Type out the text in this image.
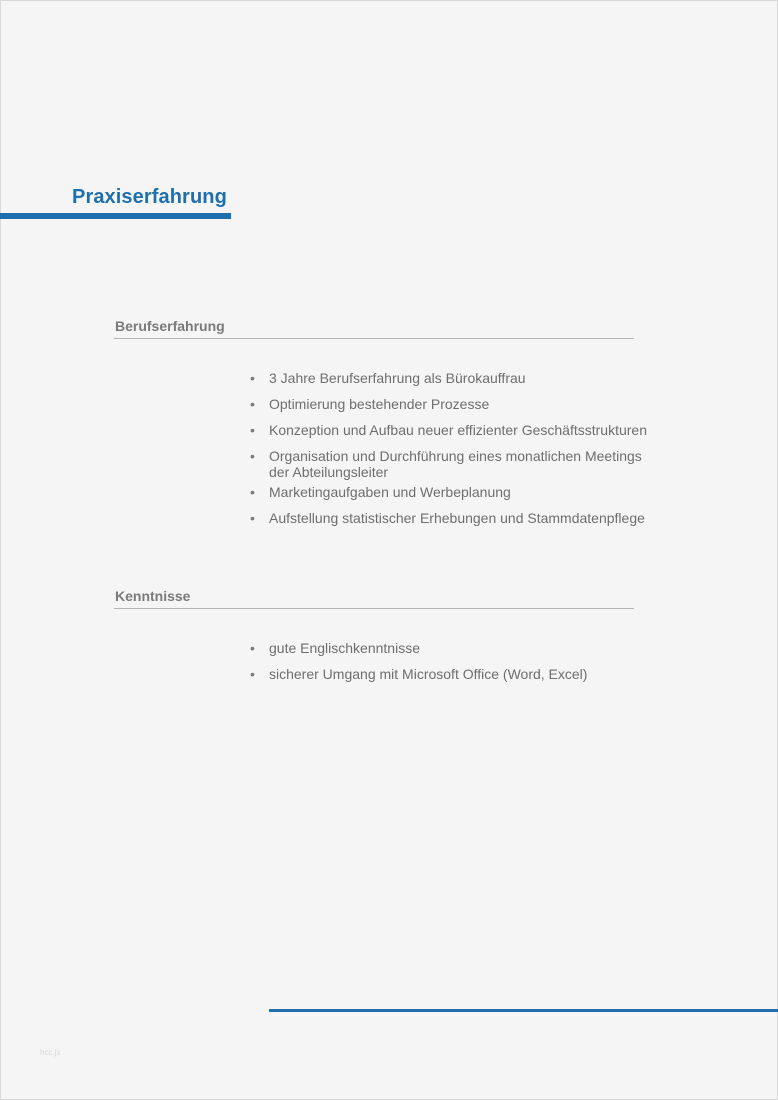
Praxiserfahrung
Berufserfahrung
• 3 Jahre Berufserfahrung als Bürokauffrau
• Optimierung bestehender Prozesse
• Konzeption und Aufbau neuer effizienter Geschäftsstrukturen
• Organisation und Durchführung eines monatlichen Meetings
der Abteilungsleiter
• Marketingaufgaben und Werbeplanung
• Aufstellung statistischer Erhebungen und Stammdatenpflege
Kenntnisse
• gute Englischkenntnisse
• sicherer Umgang mit Microsoft Office (Word, Excel)
hcc.jx
